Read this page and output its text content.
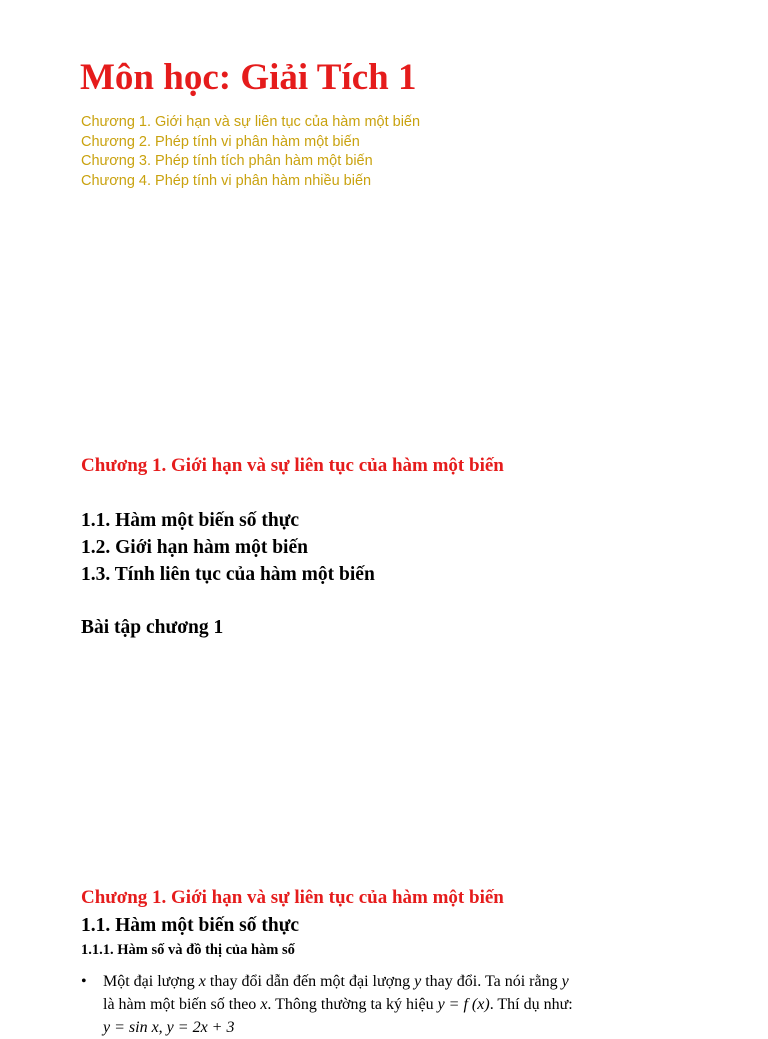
Môn học: Giải Tích 1
Chương 1. Giới hạn và sự liên tục của hàm một biến
Chương 2. Phép tính vi phân hàm một biến
Chương 3. Phép tính tích phân hàm một biến
Chương 4. Phép tính vi phân hàm nhiều biến
Chương 1. Giới hạn và sự liên tục của hàm một biến
1.1. Hàm một biến số thực
1.2. Giới hạn hàm một biến
1.3. Tính liên tục của hàm một biến

Bài tập chương 1

Chương 1. Giới hạn và sự liên tục của hàm một biến
1.1. Hàm một biến số thực
1.1.1. Hàm số và đồ thị của hàm số
• Một đại lượng x thay đổi dẫn đến một đại lượng y thay đổi. Ta nói rằng y
là hàm một biến số theo x. Thông thường ta ký hiệu y = f (x). Thí dụ như:
y = sin x, y = 2x + 3
